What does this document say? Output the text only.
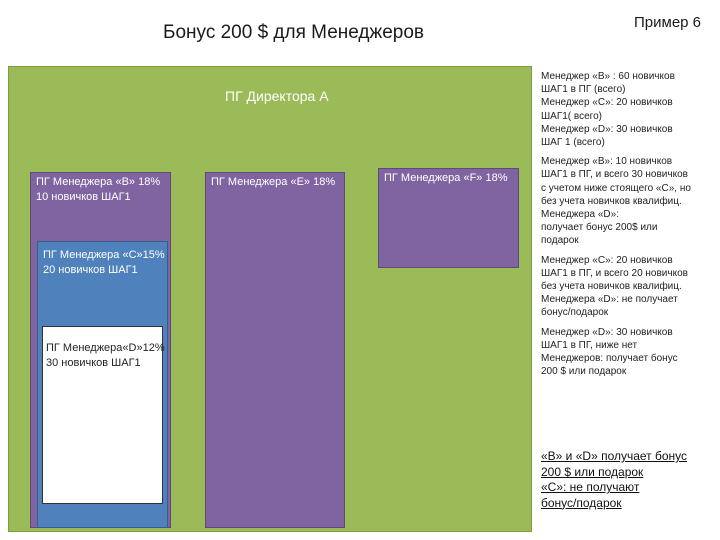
Бонус 200 $ для Менеджеров	Пример 6
ПГ Директора А
ПГ Менеджера «B» 18%
10 новичков ШАГ1
ПГ Менеджера «E» 18%	ПГ Менеджера «F» 18%
ПГ Менеджера «С»15%
20 новичков ШАГ1
ПГ Менеджера«D»12%
30 новичков ШАГ1
Менеджер «В» : 60 новичков
ШАГ1 в ПГ (всего)
Менеджер «С»: 20 новичков
ШАГ1( всего)
Менеджер «D»: 30 новичков
ШАГ 1 (всего)
Менеджер «В»: 10 новичков
ШАГ1 в ПГ, и всего 30 новичков
с учетом ниже стоящего «С», но
без учета новичков квалифиц.
Менеджера «D»:
получает бонус 200$ или
подарок
Менеджер «С»: 20 новичков
ШАГ1 в ПГ, и всего 20 новичков
без учета новичков квалифиц.
Менеджера «D»: не получает
бонус/подарок
Менеджер «D»: 30 новичков
ШАГ1 в ПГ, ниже нет
Менеджеров: получает бонус
200 $ или подарок
«В» и «D» получает бонус
200 $ или подарок
«С»: не получают
бонус/подарок
